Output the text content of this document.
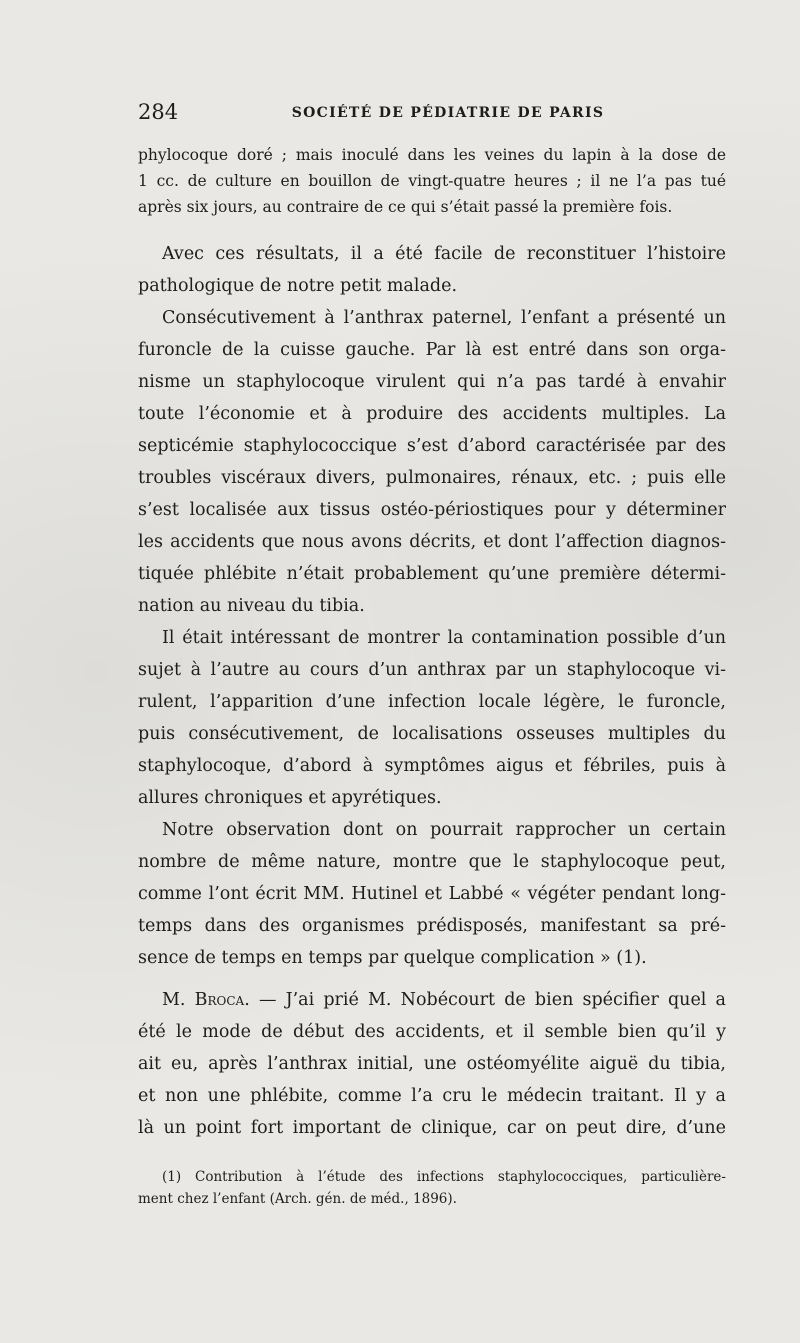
284	SOCIÉTÉ DE PÉDIATRIE DE PARIS
phylocoque doré ; mais inoculé dans les veines du lapin à la dose de
1 cc. de culture en bouillon de vingt-quatre heures ; il ne l’a pas tué
après six jours, au contraire de ce qui s’était passé la première fois.
Avec ces résultats, il a été facile de reconstituer l’histoire
pathologique de notre petit malade.
Consécutivement à l’anthrax paternel, l’enfant a présenté un
furoncle de la cuisse gauche. Par là est entré dans son orga-
nisme un staphylocoque virulent qui n’a pas tardé à envahir
toute l’économie et à produire des accidents multiples. La
septicémie staphylococcique s’est d’abord caractérisée par des
troubles viscéraux divers, pulmonaires, rénaux, etc. ; puis elle
s’est localisée aux tissus ostéo-périostiques pour y déterminer
les accidents que nous avons décrits, et dont l’affection diagnos-
tiquée phlébite n’était probablement qu’une première détermi-
nation au niveau du tibia.
Il était intéressant de montrer la contamination possible d’un
sujet à l’autre au cours d’un anthrax par un staphylocoque vi-
rulent, l’apparition d’une infection locale légère, le furoncle,
puis consécutivement, de localisations osseuses multiples du
staphylocoque, d’abord à symptômes aigus et fébriles, puis à
allures chroniques et apyrétiques.
Notre observation dont on pourrait rapprocher un certain
nombre de même nature, montre que le staphylocoque peut,
comme l’ont écrit MM. Hutinel et Labbé « végéter pendant long-
temps dans des organismes prédisposés, manifestant sa pré-
sence de temps en temps par quelque complication » (1).
M. Broca. — J’ai prié M. Nobécourt de bien spécifier quel a
été le mode de début des accidents, et il semble bien qu’il y
ait eu, après l’anthrax initial, une ostéomyélite aiguë du tibia,
et non une phlébite, comme l’a cru le médecin traitant. Il y a
là un point fort important de clinique, car on peut dire, d’une
(1) Contribution à l’étude des infections staphylococciques, particulière-
ment chez l’enfant (Arch. gén. de méd., 1896).
